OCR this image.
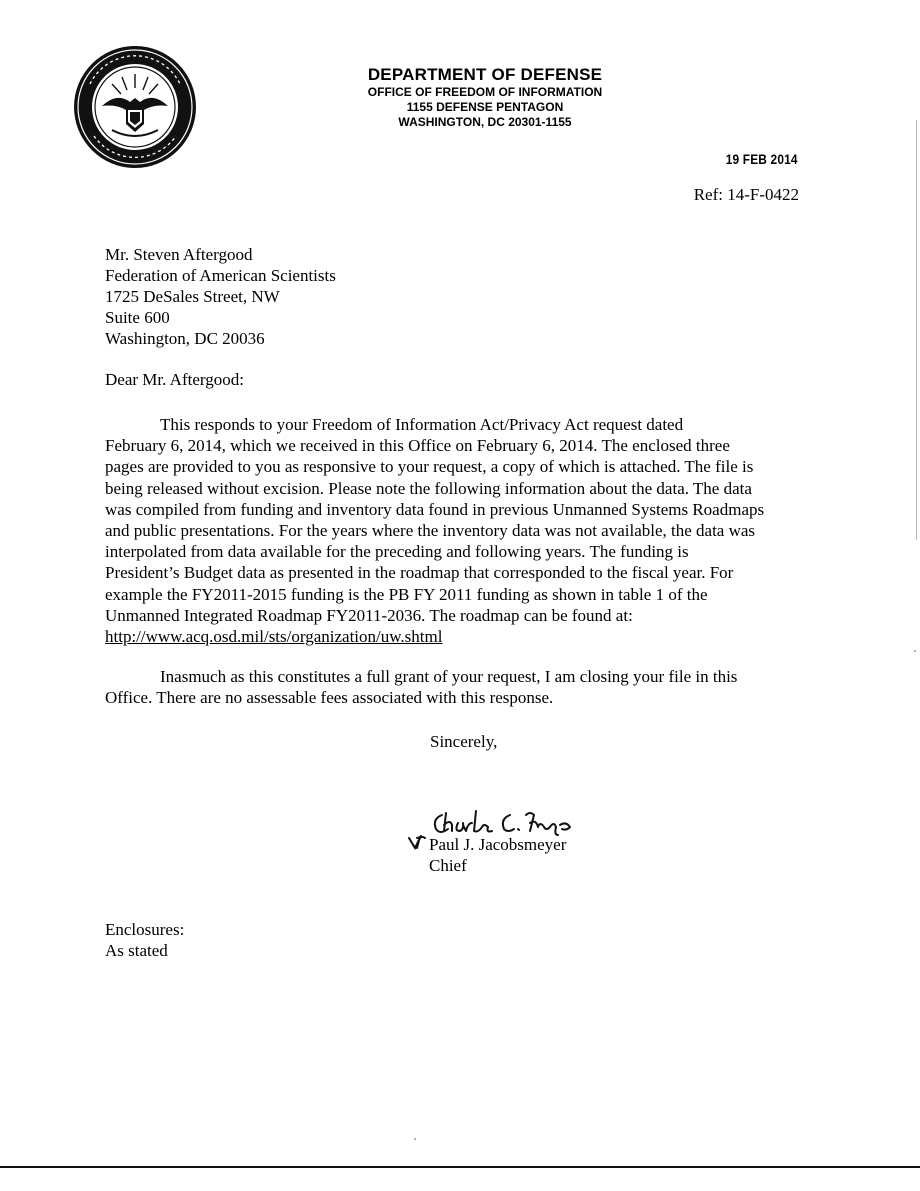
DEPARTMENT OF DEFENSE
OFFICE OF FREEDOM OF INFORMATION
1155 DEFENSE PENTAGON
WASHINGTON, DC 20301-1155
19 FEB 2014
Ref: 14-F-0422
Mr. Steven Aftergood
Federation of American Scientists
1725 DeSales Street, NW
Suite 600
Washington, DC 20036
Dear Mr. Aftergood:
This responds to your Freedom of Information Act/Privacy Act request dated
February 6, 2014, which we received in this Office on February 6, 2014. The enclosed three
pages are provided to you as responsive to your request, a copy of which is attached. The file is
being released without excision. Please note the following information about the data. The data
was compiled from funding and inventory data found in previous Unmanned Systems Roadmaps
and public presentations. For the years where the inventory data was not available, the data was
interpolated from data available for the preceding and following years. The funding is
President’s Budget data as presented in the roadmap that corresponded to the fiscal year. For
example the FY2011-2015 funding is the PB FY 2011 funding as shown in table 1 of the
Unmanned Integrated Roadmap FY2011-2036. The roadmap can be found at:
http://www.acq.osd.mil/sts/organization/uw.shtml
Inasmuch as this constitutes a full grant of your request, I am closing your file in this
Office. There are no assessable fees associated with this response.
Sincerely,
Paul J. Jacobsmeyer
Chief
Enclosures:
As stated
